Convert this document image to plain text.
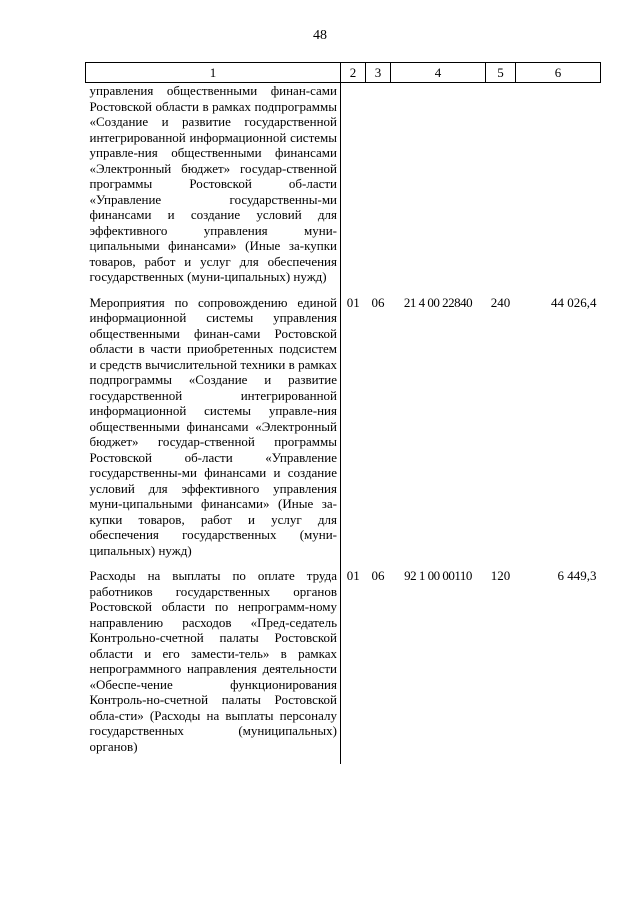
48
1	2	3	4	5	6
управления общественными финан-сами Ростовской области в рамках подпрограммы «Создание и развитие государственной интегрированной информационной системы управле-ния общественными финансами «Электронный бюджет» государ-ственной программы Ростовской об-ласти «Управление государственны-ми финансами и создание условий для эффективного управления муни-ципальными финансами» (Иные за-купки товаров, работ и услуг для обеспечения государственных (муни-ципальных) нужд)					
Мероприятия по сопровождению единой информационной системы управления общественными финан-сами Ростовской области в части приобретенных подсистем и средств вычислительной техники в рамках подпрограммы «Создание и развитие государственной интегрированной информационной системы управле-ния общественными финансами «Электронный бюджет» государ-ственной программы Ростовской об-ласти «Управление государственны-ми финансами и создание условий для эффективного управления муни-ципальными финансами» (Иные за-купки товаров, работ и услуг для обеспечения государственных (муни-ципальных) нужд)	01	06	21 4 00 22840	240	44 026,4
Расходы на выплаты по оплате труда работников государственных органов Ростовской области по непрограмм-ному направлению расходов «Пред-седатель Контрольно-счетной палаты Ростовской области и его замести-тель» в рамках непрограммного направления деятельности «Обеспе-чение функционирования Контроль-но-счетной палаты Ростовской обла-сти» (Расходы на выплаты персоналу государственных (муниципальных) органов)	01	06	92 1 00 00110	120	6 449,3
